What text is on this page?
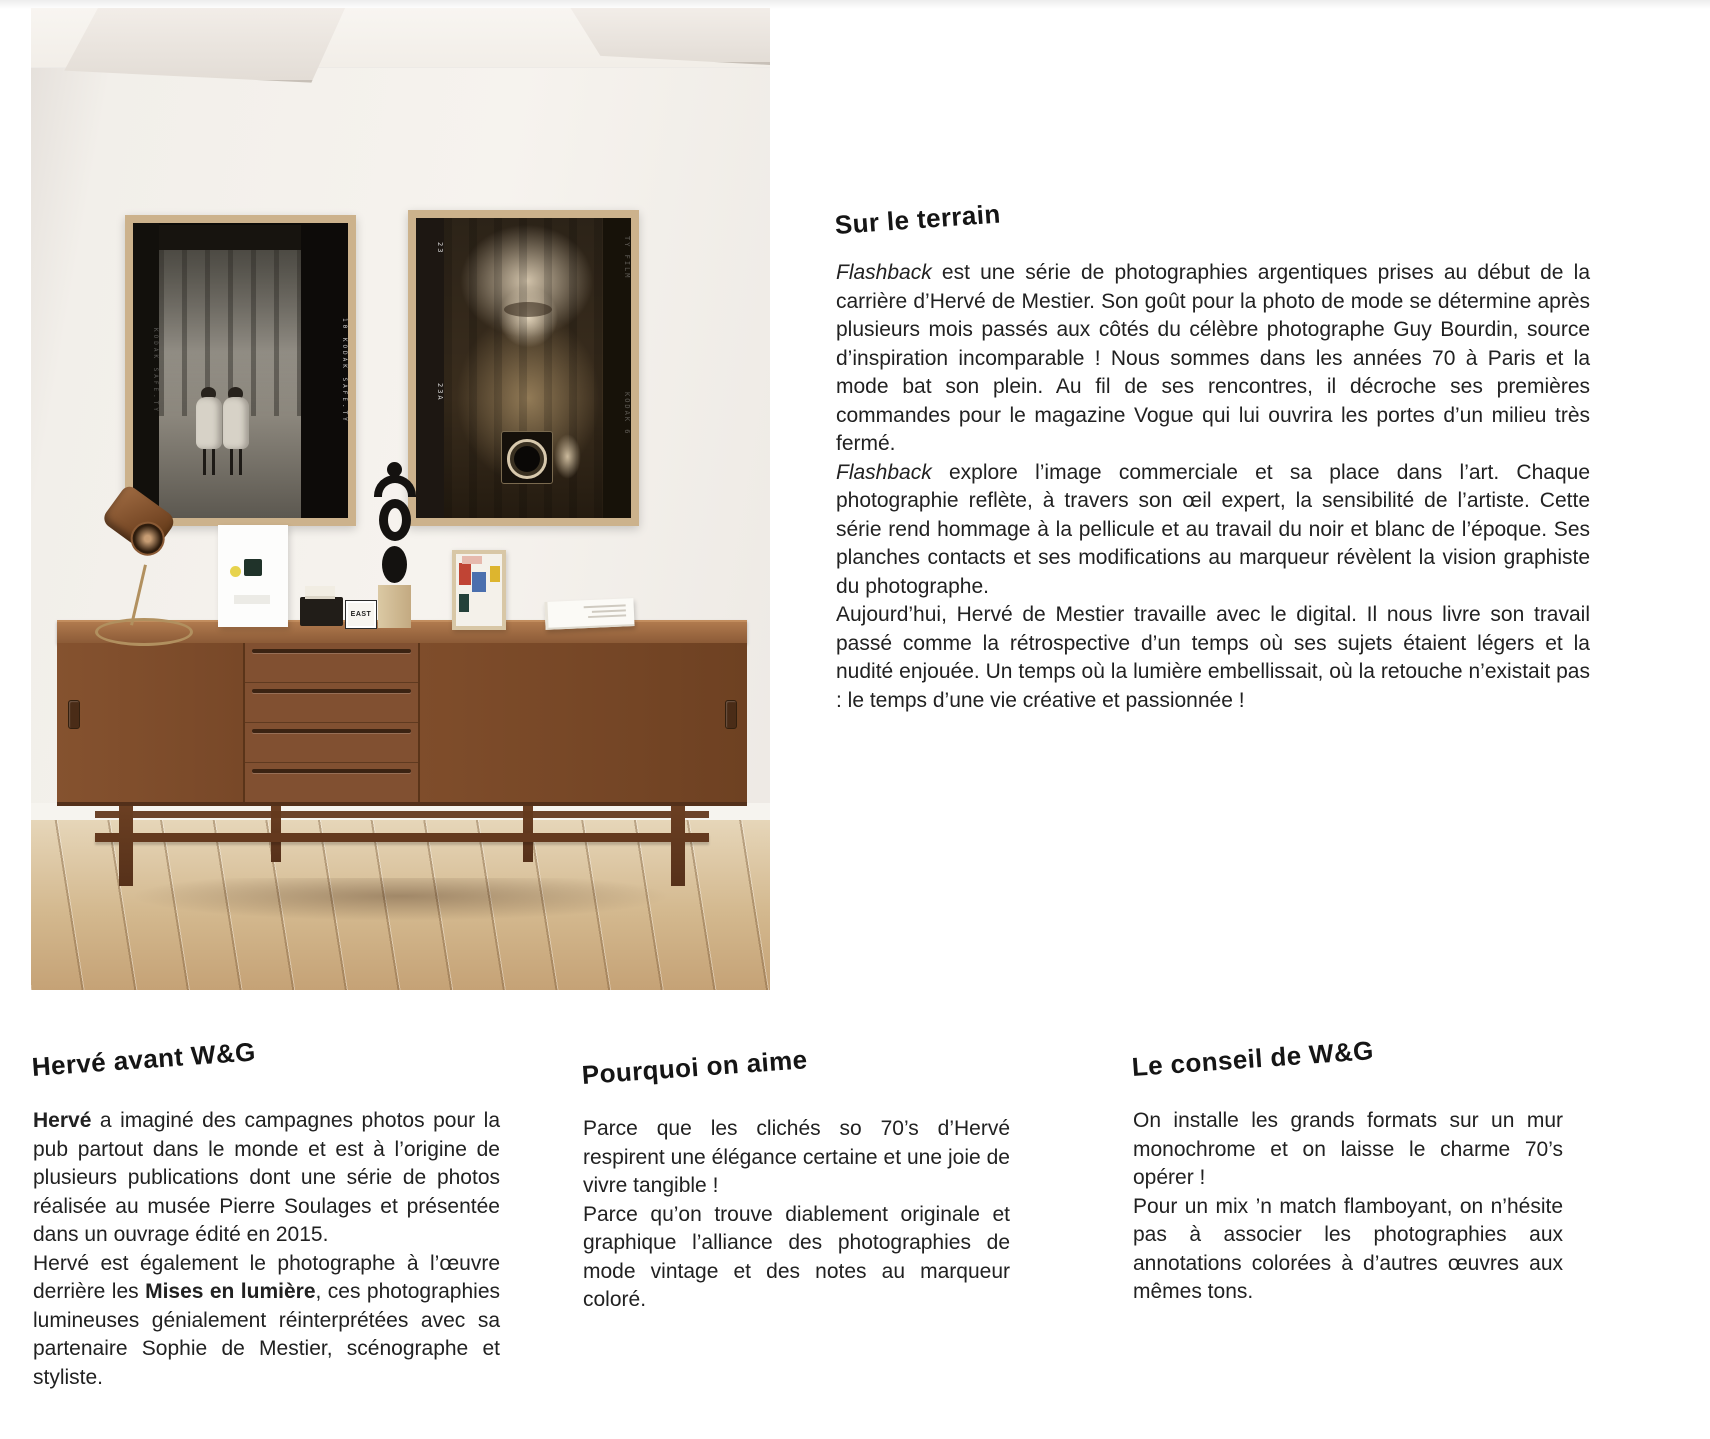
KODAK SAFE.TY	10 KODAK SAFE.TY
23
23A
TY FILM
KODAK 6
EAST
Sur le terrain

Flashback est une série de photographies argentiques prises au début de la carrière d’Hervé de Mestier. Son goût pour la photo de mode se détermine après plusieurs mois passés aux côtés du célèbre photographe Guy Bourdin, source d’inspiration incomparable ! Nous sommes dans les années 70 à Paris et la mode bat son plein. Au fil de ses rencontres, il décroche ses premières commandes pour le magazine Vogue qui lui ouvrira les portes d’un milieu très fermé.

Flashback explore l’image commerciale et sa place dans l’art. Chaque photographie reflète, à travers son œil expert, la sensibilité de l’artiste. Cette série rend hommage à la pellicule et au travail du noir et blanc de l’époque. Ses planches contacts et ses modifications au marqueur révèlent la vision graphiste du photographe.

Aujourd’hui, Hervé de Mestier travaille avec le digital. Il nous livre son travail passé comme la rétrospective d’un temps où ses sujets étaient légers et la nudité enjouée. Un temps où la lumière embellissait, où la retouche n’existait pas : le temps d’une vie créative et passionnée !

Hervé avant W&G

Hervé a imaginé des campagnes photos pour la pub partout dans le monde et est à l’origine de plusieurs publications dont une série de photos réalisée au musée Pierre Soulages et présentée dans un ouvrage édité en 2015.

Hervé est également le photographe à l’œuvre derrière les Mises en lumière, ces photographies lumineuses génialement réinterprétées avec sa partenaire Sophie de Mestier, scénographe et styliste.

Pourquoi on aime

Parce que les clichés so 70’s d’Hervé respirent une élégance certaine et une joie de vivre tangible !

Parce qu’on trouve diablement originale et graphique l’alliance des photographies de mode vintage et des notes au marqueur coloré.

Le conseil de W&G

On installe les grands formats sur un mur monochrome et on laisse le charme 70’s opérer !

Pour un mix ’n match flamboyant, on n’hésite pas à associer les photographies aux annotations colorées à d’autres œuvres aux mêmes tons.
